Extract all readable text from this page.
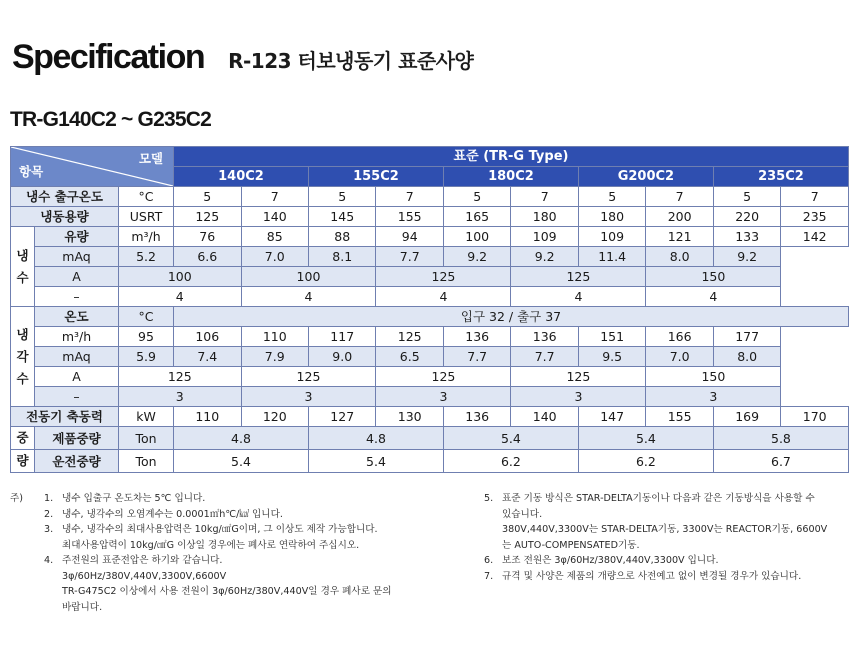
Specification R-123 터보냉동기 표준사양
TR-G140C2 ~ G235C2
모델
항목			표준 (TR-G Type)									
			140C2		155C2		180C2		G200C2		235C2	
냉수 출구온도		°C	5	7	5	7	5	7	5	7	5	7
냉동용량		USRT	125	140	145	155	165	180	180	200	220	235
냉
수	유량	m³/h	76	85	88	94	100	109	109	121	133	142
	mAq	5.2	6.6	7.0	8.1	7.7	9.2	9.2	11.4	8.0	9.2	
	A	100		100		125		125		150		
	–	4		4		4		4		4		
냉
각
수	온도	°C	입구 32 / 출구 37									
	m³/h	95	106	110	117	125	136	136	151	166	177	
	mAq	5.9	7.4	7.9	9.0	6.5	7.7	7.7	9.5	7.0	8.0	
	A	125		125		125		125		150		
	–	3		3		3		3		3		
전동기 축동력		kW	110	120	127	130	136	140	147	155	169	170
중	제품중량	Ton	4.8		4.8		5.4		5.4		5.8	
량	운전중량	Ton	5.4		5.4		6.2		6.2		6.7	
주) 1. 냉수 입출구 온도차는 5℃ 입니다.
2. 냉수, 냉각수의 오염계수는 0.0001㎡h℃/㎉ 입니다.
3. 냉수, 냉각수의 최대사용압력은 10kg/㎠G이며, 그 이상도 제작 가능합니다.
최대사용압력이 10kg/㎠G 이상일 경우에는 폐사로 연락하여 주십시오.
4. 주전원의 표준전압은 하기와 같습니다.
3φ/60Hz/380V,440V,3300V,6600V
TR-G475C2 이상에서 사용 전원이 3φ/60Hz/380V,440V일 경우 폐사로 문의
바랍니다.
5. 표준 기동 방식은 STAR-DELTA기동이나 다음과 같은 기동방식을 사용할 수
있습니다.
380V,440V,3300V는 STAR-DELTA기동, 3300V는 REACTOR기동, 6600V
는 AUTO-COMPENSATED기동.
6. 보조 전원은 3φ/60Hz/380V,440V,3300V 입니다.
7. 규격 및 사양은 제품의 개량으로 사전예고 없이 변경될 경우가 있습니다.
